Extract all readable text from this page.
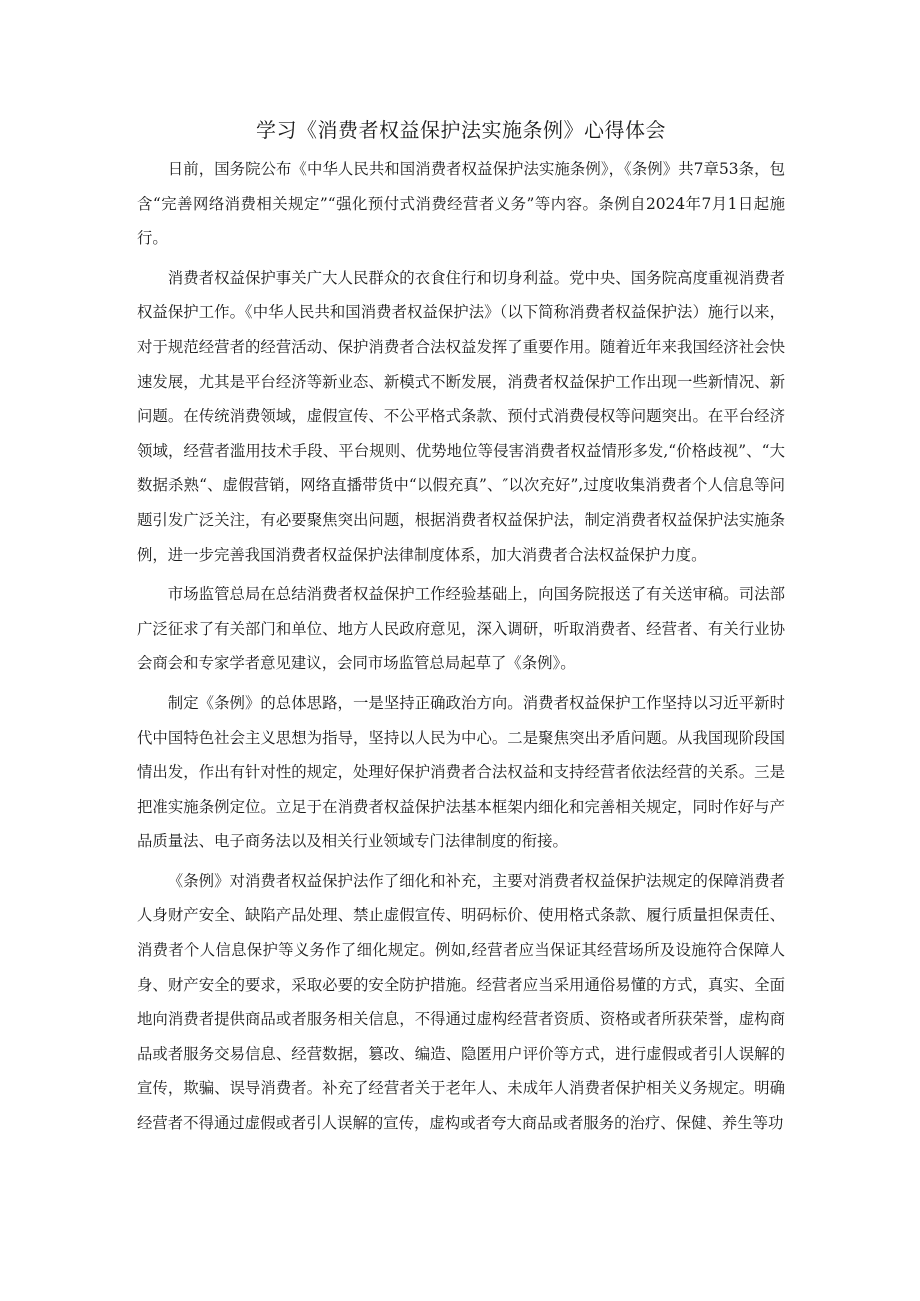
学习《消费者权益保护法实施条例》心得体会

日前，国务院公布《中华人民共和国消费者权益保护法实施条例》，《条例》共7章53条，包含“完善网络消费相关规定”“强化预付式消费经营者义务”等内容。条例自2024年7月1日起施行。

消费者权益保护事关广大人民群众的衣食住行和切身利益。党中央、国务院高度重视消费者权益保护工作。《中华人民共和国消费者权益保护法》（以下简称消费者权益保护法）施行以来，对于规范经营者的经营活动、保护消费者合法权益发挥了重要作用。随着近年来我国经济社会快速发展，尤其是平台经济等新业态、新模式不断发展，消费者权益保护工作出现一些新情况、新问题。在传统消费领域，虚假宣传、不公平格式条款、预付式消费侵权等问题突出。在平台经济领域，经营者滥用技术手段、平台规则、优势地位等侵害消费者权益情形多发,“价格歧视”、“大数据杀熟“、虚假营销，网络直播带货中“以假充真”、″以次充好”,过度收集消费者个人信息等问题引发广泛关注，有必要聚焦突出问题，根据消费者权益保护法，制定消费者权益保护法实施条例，进一步完善我国消费者权益保护法律制度体系，加大消费者合法权益保护力度。

市场监管总局在总结消费者权益保护工作经验基础上，向国务院报送了有关送审稿。司法部广泛征求了有关部门和单位、地方人民政府意见，深入调研，听取消费者、经营者、有关行业协会商会和专家学者意见建议，会同市场监管总局起草了《条例》。

制定《条例》的总体思路，一是坚持正确政治方向。消费者权益保护工作坚持以习近平新时代中国特色社会主义思想为指导，坚持以人民为中心。二是聚焦突出矛盾问题。从我国现阶段国情出发，作出有针对性的规定，处理好保护消费者合法权益和支持经营者依法经营的关系。三是把准实施条例定位。立足于在消费者权益保护法基本框架内细化和完善相关规定，同时作好与产品质量法、电子商务法以及相关行业领域专门法律制度的衔接。

《条例》对消费者权益保护法作了细化和补充，主要对消费者权益保护法规定的保障消费者人身财产安全、缺陷产品处理、禁止虚假宣传、明码标价、使用格式条款、履行质量担保责任、消费者个人信息保护等义务作了细化规定。例如,经营者应当保证其经营场所及设施符合保障人身、财产安全的要求，采取必要的安全防护措施。经营者应当采用通俗易懂的方式，真实、全面地向消费者提供商品或者服务相关信息，不得通过虚构经营者资质、资格或者所获荣誉，虚构商品或者服务交易信息、经营数据，篡改、编造、隐匿用户评价等方式，进行虚假或者引人误解的宣传，欺骗、误导消费者。补充了经营者关于老年人、未成年人消费者保护相关义务规定。明确经营者不得通过虚假或者引人误解的宣传，虚构或者夸大商品或者服务的治疗、保健、养生等功
